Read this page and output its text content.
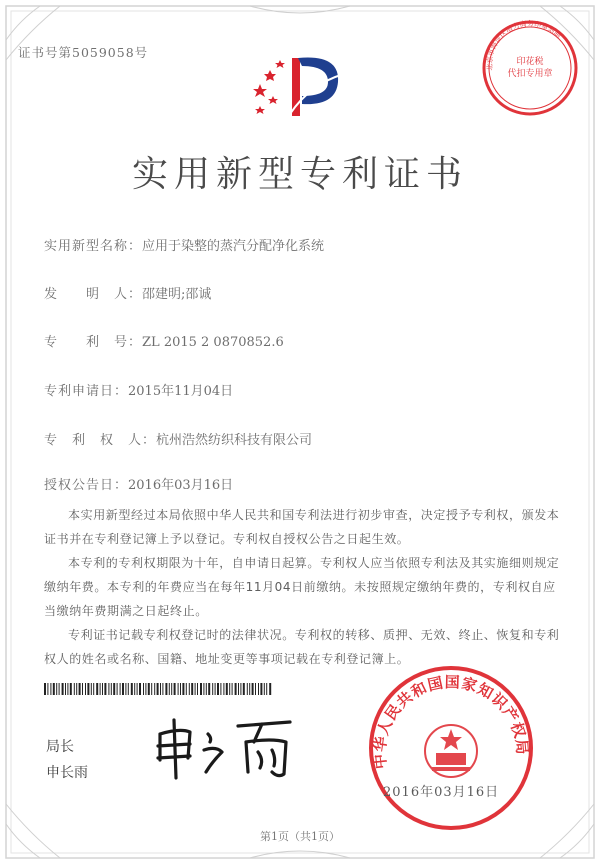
证书号第5059058号
印花税
代扣专用章
北京市海淀区增力商务印章刻制
实用新型专利证书
实用新型名称：应用于染整的蒸汽分配净化系统
发　　明　人：邵建明;邵诚
专　　利　号：ZL 2015 2 0870852.6
专利申请日：2015年11月04日
专　利　权　人：杭州浩然纺织科技有限公司
授权公告日：2016年03月16日

本实用新型经过本局依照中华人民共和国专利法进行初步审查，决定授予专利权，颁发本证书并在专利登记簿上予以登记。专利权自授权公告之日起生效。

本专利的专利权期限为十年，自申请日起算。专利权人应当依照专利法及其实施细则规定缴纳年费。本专利的年费应当在每年11月04日前缴纳。未按照规定缴纳年费的，专利权自应当缴纳年费期满之日起终止。

专利证书记载专利权登记时的法律状况。专利权的转移、质押、无效、终止、恢复和专利权人的姓名或名称、国籍、地址变更等事项记载在专利登记簿上。

局长
申长雨
中华人民共和国国家知识产权局
2016年03月16日
第1页（共1页）
